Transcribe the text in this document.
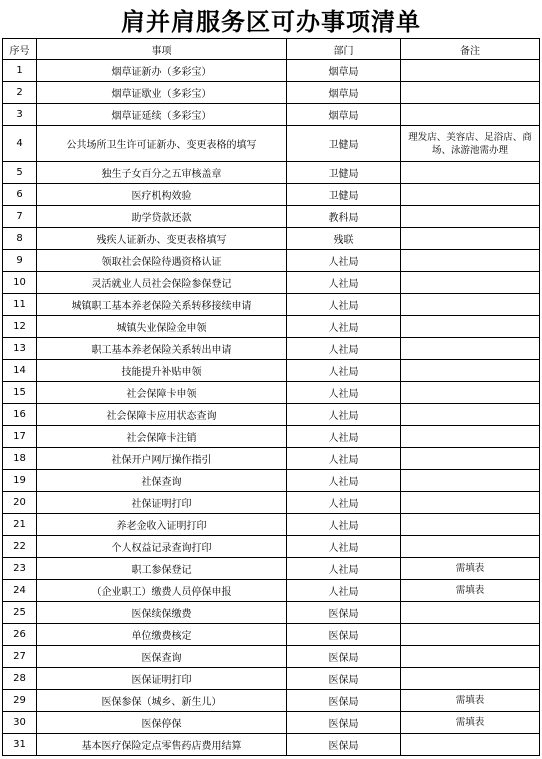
肩并肩服务区可办事项清单
序号	事项	部门	备注
1	烟草证新办（多彩宝）	烟草局	
2	烟草证歇业（多彩宝）	烟草局	
3	烟草证延续（多彩宝）	烟草局	
4	公共场所卫生许可证新办、变更表格的填写	卫健局	理发店、美容店、足浴店、商场、泳游池需办理
5	独生子女百分之五审核盖章	卫健局	
6	医疗机构效验	卫健局	
7	助学贷款还款	教科局	
8	残疾人证新办、变更表格填写	残联	
9	领取社会保险待遇资格认证	人社局	
10	灵活就业人员社会保险参保登记	人社局	
11	城镇职工基本养老保险关系转移接续申请	人社局	
12	城镇失业保险金申领	人社局	
13	职工基本养老保险关系转出申请	人社局	
14	技能提升补贴申领	人社局	
15	社会保障卡申领	人社局	
16	社会保障卡应用状态查询	人社局	
17	社会保障卡注销	人社局	
18	社保开户网厅操作指引	人社局	
19	社保查询	人社局	
20	社保证明打印	人社局	
21	养老金收入证明打印	人社局	
22	个人权益记录查询打印	人社局	
23	职工参保登记	人社局	需填表
24	（企业职工）缴费人员停保申报	人社局	需填表
25	医保续保缴费	医保局	
26	单位缴费核定	医保局	
27	医保查询	医保局	
28	医保证明打印	医保局	
29	医保参保（城乡、新生儿）	医保局	需填表
30	医保停保	医保局	需填表
31	基本医疗保险定点零售药店费用结算	医保局	
